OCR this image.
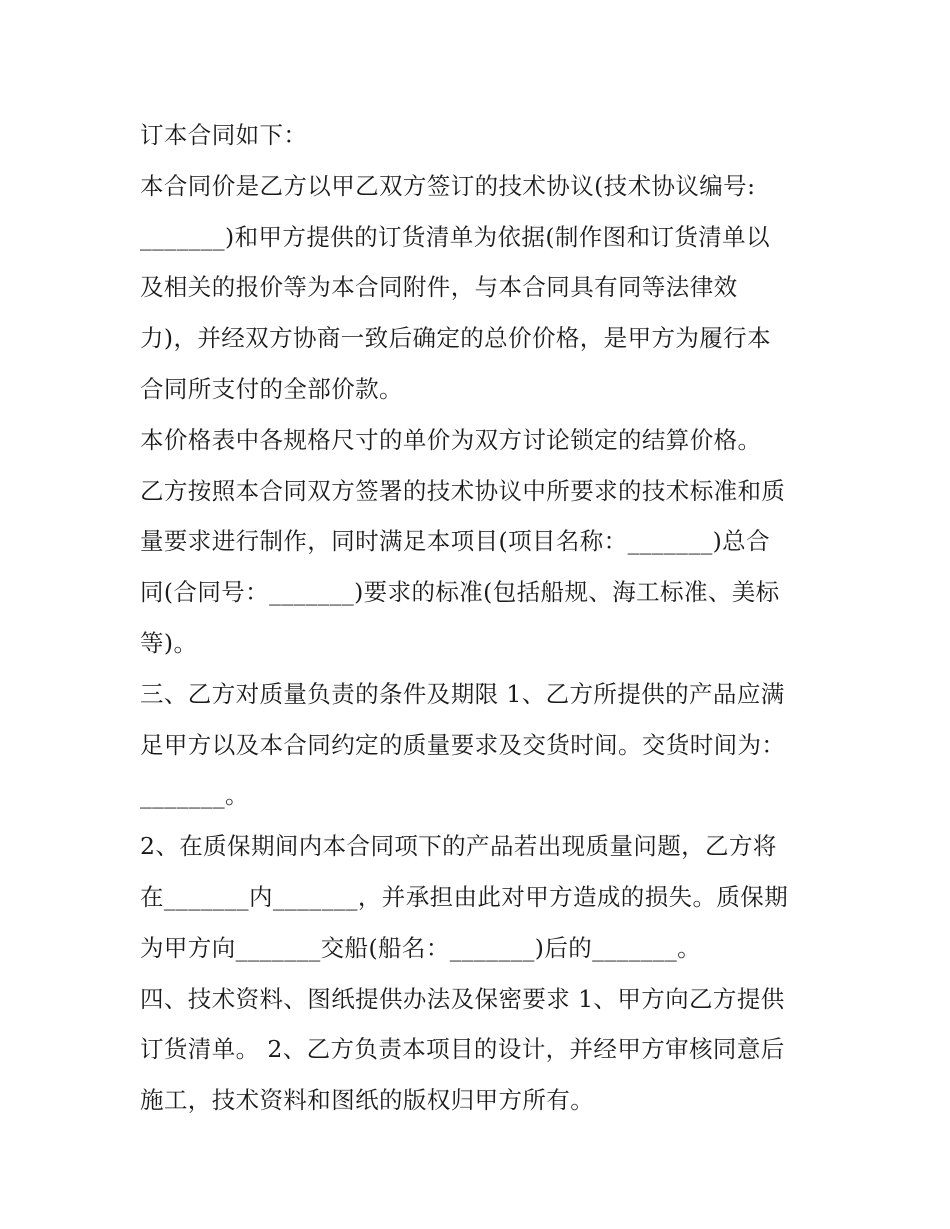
订本合同如下：
本合同价是乙方以甲乙双方签订的技术协议(技术协议编号:
_______)和甲方提供的订货清单为依据(制作图和订货清单以
及相关的报价等为本合同附件，与本合同具有同等法律效
力)，并经双方协商一致后确定的总价价格，是甲方为履行本
合同所支付的全部价款。
本价格表中各规格尺寸的单价为双方讨论锁定的结算价格。
乙方按照本合同双方签署的技术协议中所要求的技术标准和质
量要求进行制作，同时满足本项目(项目名称：_______)总合
同(合同号：_______)要求的标准(包括船规、海工标准、美标
等)。
三、乙方对质量负责的条件及期限 1、乙方所提供的产品应满
足甲方以及本合同约定的质量要求及交货时间。交货时间为：
_______。
2、在质保期间内本合同项下的产品若出现质量问题，乙方将
在_______内_______，并承担由此对甲方造成的损失。质保期
为甲方向_______交船(船名：_______)后的_______。
四、技术资料、图纸提供办法及保密要求 1、甲方向乙方提供
订货清单。 2、乙方负责本项目的设计，并经甲方审核同意后
施工，技术资料和图纸的版权归甲方所有。
